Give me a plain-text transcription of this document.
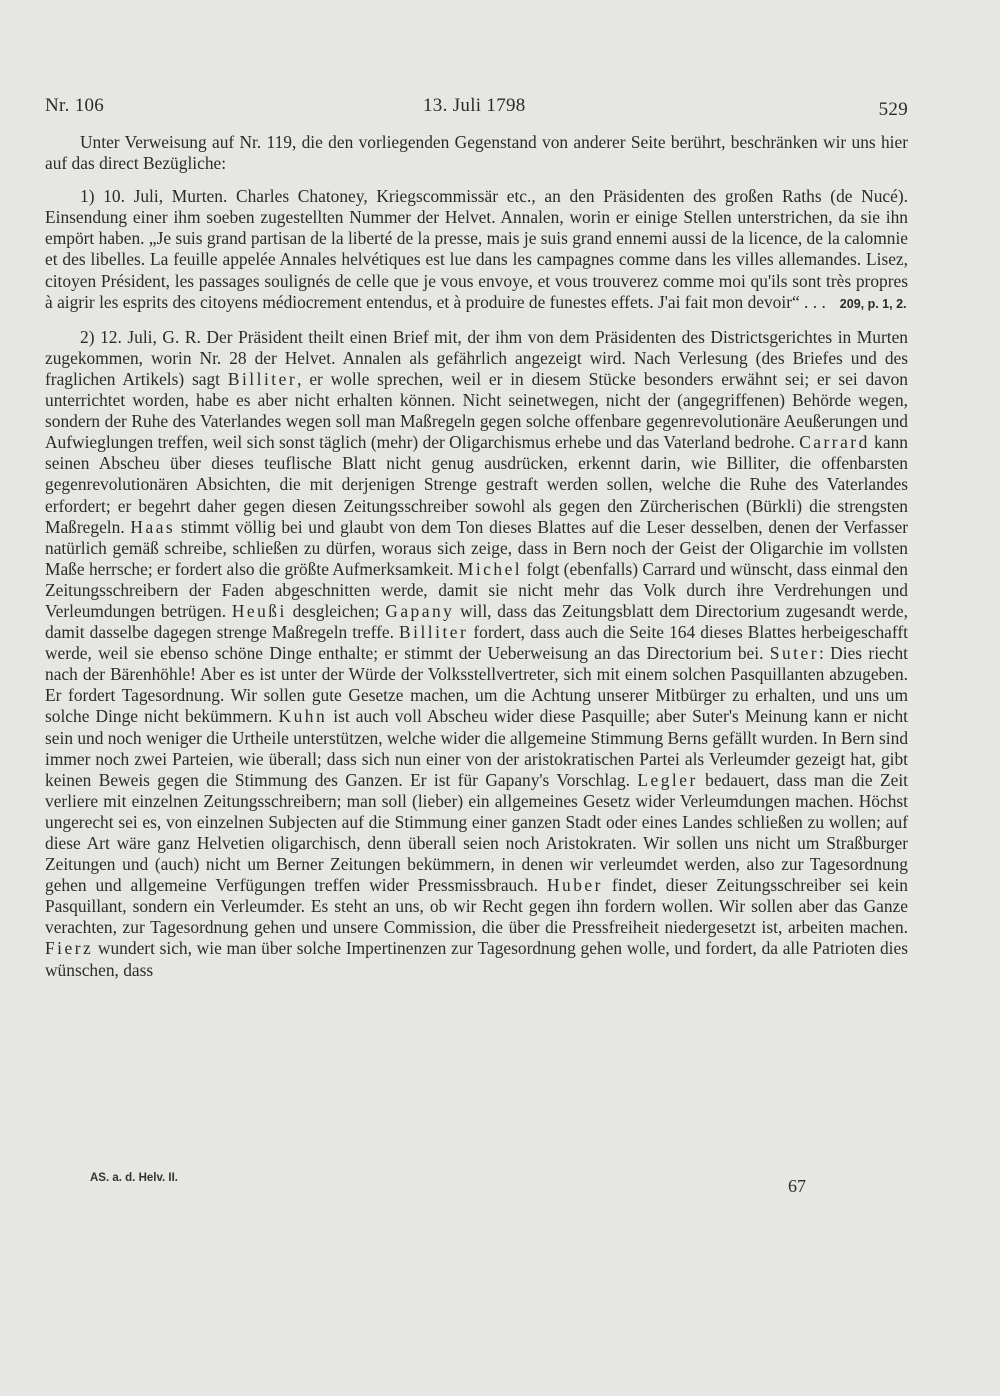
Nr. 106	13. Juli 1798	529

Unter Verweisung auf Nr. 119, die den vorliegenden Gegenstand von anderer Seite berührt, beschränken wir uns hier auf das direct Bezügliche:

1) 10. Juli, Murten. Charles Chatoney, Kriegscommissär etc., an den Präsidenten des großen Raths (de Nucé). Einsendung einer ihm soeben zugestellten Nummer der Helvet. Annalen, worin er einige Stellen unterstrichen, da sie ihn empört haben. „Je suis grand partisan de la liberté de la presse, mais je suis grand ennemi aussi de la licence, de la calomnie et des libelles. La feuille appelée Annales helvétiques est lue dans les campagnes comme dans les villes allemandes. Lisez, citoyen Président, les passages soulignés de celle que je vous envoye, et vous trouverez comme moi qu'ils sont très propres à aigrir les esprits des citoyens médiocrement entendus, et à produire de funestes effets. J'ai fait mon devoir“ . . . 209, p. 1, 2.

2) 12. Juli, G. R. Der Präsident theilt einen Brief mit, der ihm von dem Präsidenten des Districtsgerichtes in Murten zugekommen, worin Nr. 28 der Helvet. Annalen als gefährlich angezeigt wird. Nach Verlesung (des Briefes und des fraglichen Artikels) sagt Billiter, er wolle sprechen, weil er in diesem Stücke besonders erwähnt sei; er sei davon unterrichtet worden, habe es aber nicht erhalten können. Nicht seinetwegen, nicht der (angegriffenen) Behörde wegen, sondern der Ruhe des Vaterlandes wegen soll man Maßregeln gegen solche offenbare gegenrevolutionäre Aeußerungen und Aufwieglungen treffen, weil sich sonst täglich (mehr) der Oligarchismus erhebe und das Vaterland bedrohe. Carrard kann seinen Abscheu über dieses teuflische Blatt nicht genug ausdrücken, erkennt darin, wie Billiter, die offenbarsten gegenrevolutionären Absichten, die mit derjenigen Strenge gestraft werden sollen, welche die Ruhe des Vaterlandes erfordert; er begehrt daher gegen diesen Zeitungsschreiber sowohl als gegen den Zürcherischen (Bürkli) die strengsten Maßregeln. Haas stimmt völlig bei und glaubt von dem Ton dieses Blattes auf die Leser desselben, denen der Verfasser natürlich gemäß schreibe, schließen zu dürfen, woraus sich zeige, dass in Bern noch der Geist der Oligarchie im vollsten Maße herrsche; er fordert also die größte Aufmerksamkeit. Michel folgt (ebenfalls) Carrard und wünscht, dass einmal den Zeitungsschreibern der Faden abgeschnitten werde, damit sie nicht mehr das Volk durch ihre Verdrehungen und Verleumdungen betrügen. Heußi desgleichen; Gapany will, dass das Zeitungsblatt dem Directorium zugesandt werde, damit dasselbe dagegen strenge Maßregeln treffe. Billiter fordert, dass auch die Seite 164 dieses Blattes herbeigeschafft werde, weil sie ebenso schöne Dinge enthalte; er stimmt der Ueberweisung an das Directorium bei. Suter: Dies riecht nach der Bärenhöhle! Aber es ist unter der Würde der Volksstellvertreter, sich mit einem solchen Pasquillanten abzugeben. Er fordert Tagesordnung. Wir sollen gute Gesetze machen, um die Achtung unserer Mitbürger zu erhalten, und uns um solche Dinge nicht bekümmern. Kuhn ist auch voll Abscheu wider diese Pasquille; aber Suter's Meinung kann er nicht sein und noch weniger die Urtheile unterstützen, welche wider die allgemeine Stimmung Berns gefällt wurden. In Bern sind immer noch zwei Parteien, wie überall; dass sich nun einer von der aristokratischen Partei als Verleumder gezeigt hat, gibt keinen Beweis gegen die Stimmung des Ganzen. Er ist für Gapany's Vorschlag. Legler bedauert, dass man die Zeit verliere mit einzelnen Zeitungsschreibern; man soll (lieber) ein allgemeines Gesetz wider Verleumdungen machen. Höchst ungerecht sei es, von einzelnen Subjecten auf die Stimmung einer ganzen Stadt oder eines Landes schließen zu wollen; auf diese Art wäre ganz Helvetien oligarchisch, denn überall seien noch Aristokraten. Wir sollen uns nicht um Straßburger Zeitungen und (auch) nicht um Berner Zeitungen bekümmern, in denen wir verleumdet werden, also zur Tagesordnung gehen und allgemeine Verfügungen treffen wider Pressmissbrauch. Huber findet, dieser Zeitungsschreiber sei kein Pasquillant, sondern ein Verleumder. Es steht an uns, ob wir Recht gegen ihn fordern wollen. Wir sollen aber das Ganze verachten, zur Tagesordnung gehen und unsere Commission, die über die Pressfreiheit niedergesetzt ist, arbeiten machen. Fierz wundert sich, wie man über solche Impertinenzen zur Tagesordnung gehen wolle, und fordert, da alle Patrioten dies wünschen, dass

AS. a. d. Helv. II.	67
